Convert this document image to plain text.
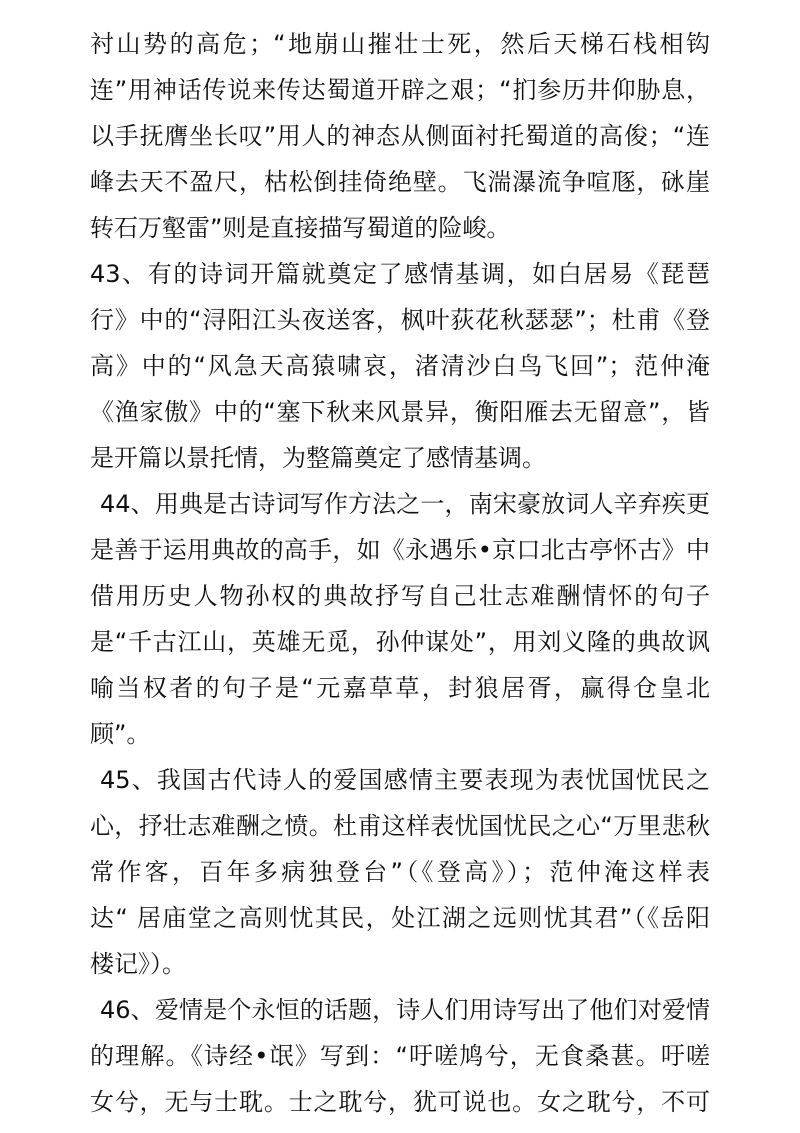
衬山势的高危；“地崩山摧壮士死，然后天梯石栈相钩
连”用神话传说来传达蜀道开辟之艰；“扪参历井仰胁息，
以手抚膺坐长叹”用人的神态从侧面衬托蜀道的高俊；“连
峰去天不盈尺，枯松倒挂倚绝壁。飞湍瀑流争喧豗，砯崖
转石万壑雷”则是直接描写蜀道的险峻。
43、有的诗词开篇就奠定了感情基调，如白居易《琵琶
行》中的“浔阳江头夜送客，枫叶荻花秋瑟瑟”；杜甫《登
高》中的“风急天高猿啸哀，渚清沙白鸟飞回”；范仲淹
《渔家傲》中的“塞下秋来风景异，衡阳雁去无留意”，皆
是开篇以景托情，为整篇奠定了感情基调。
44、用典是古诗词写作方法之一，南宋豪放词人辛弃疾更
是善于运用典故的高手，如《永遇乐•京口北古亭怀古》中
借用历史人物孙权的典故抒写自己壮志难酬情怀的句子
是“千古江山，英雄无觅，孙仲谋处”，用刘义隆的典故讽
喻当权者的句子是“元嘉草草，封狼居胥，赢得仓皇北
顾”。
45、我国古代诗人的爱国感情主要表现为表忧国忧民之
心，抒壮志难酬之愤。杜甫这样表忧国忧民之心“万里悲秋
常作客，百年多病独登台”（《登高》）；范仲淹这样表
达“ 居庙堂之高则忧其民，处江湖之远则忧其君”（《岳阳
楼记》）。
46、爱情是个永恒的话题，诗人们用诗写出了他们对爱情
的理解。《诗经•氓》写到：“吁嗟鸠兮，无食桑葚。吁嗟
女兮，无与士耽。士之耽兮，犹可说也。女之耽兮，不可
